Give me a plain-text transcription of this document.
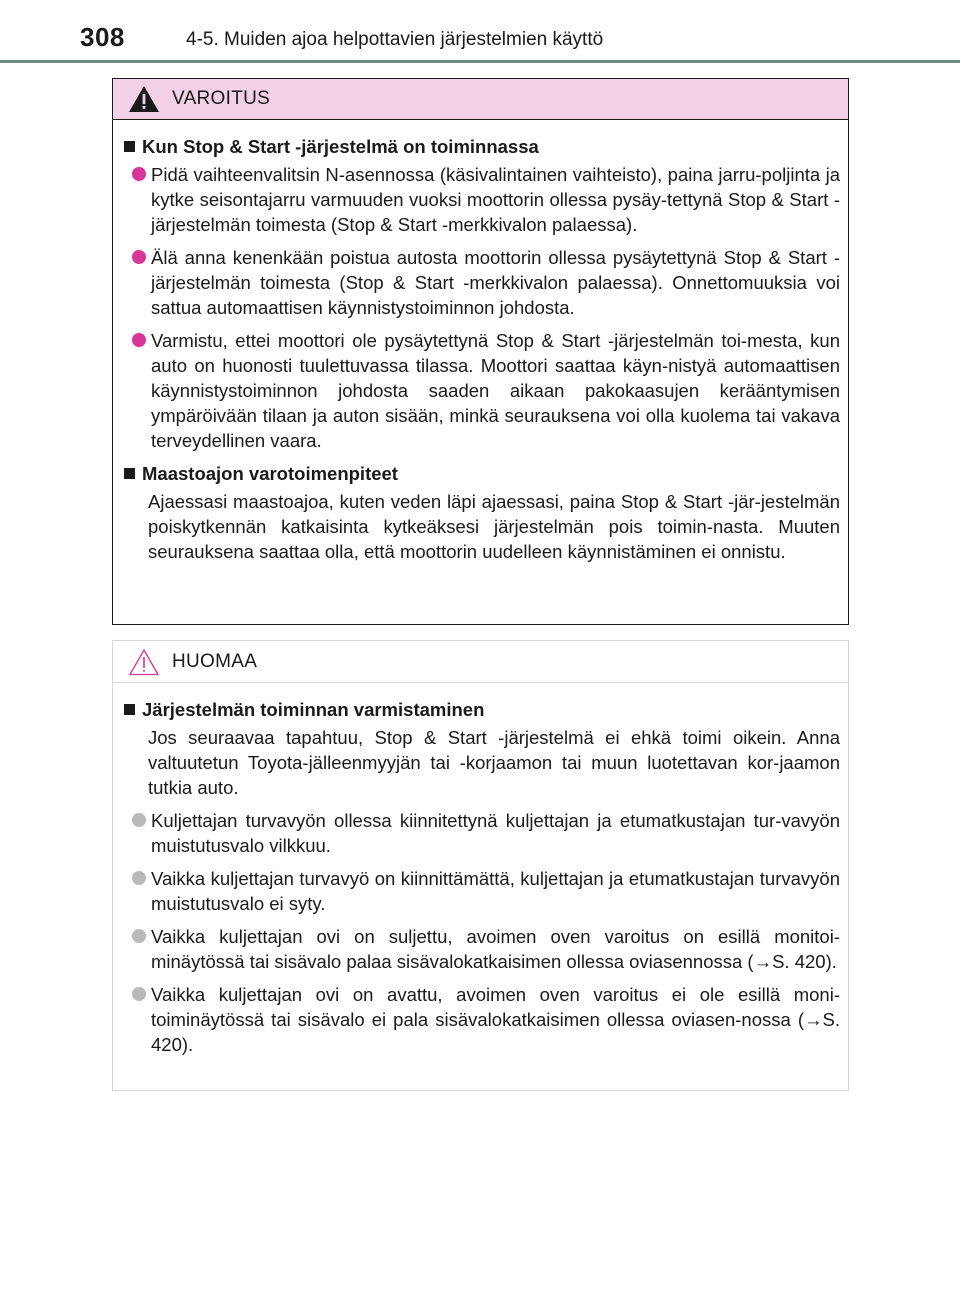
308	4-5. Muiden ajoa helpottavien järjestelmien käyttö
VAROITUS
Kun Stop & Start -järjestelmä on toiminnassa
Pidä vaihteenvalitsin N-asennossa (käsivalintainen vaihteisto), paina jarru-poljinta ja kytke seisontajarru varmuuden vuoksi moottorin ollessa pysäy-tettynä Stop & Start -järjestelmän toimesta (Stop & Start -merkkivalon palaessa).
Älä anna kenenkään poistua autosta moottorin ollessa pysäytettynä Stop & Start -järjestelmän toimesta (Stop & Start -merkkivalon palaessa). Onnettomuuksia voi sattua automaattisen käynnistystoiminnon johdosta.
Varmistu, ettei moottori ole pysäytettynä Stop & Start -järjestelmän toi-mesta, kun auto on huonosti tuulettuvassa tilassa. Moottori saattaa käyn-nistyä automaattisen käynnistystoiminnon johdosta saaden aikaan pakokaasujen kerääntymisen ympäröivään tilaan ja auton sisään, minkä seurauksena voi olla kuolema tai vakava terveydellinen vaara.
Maastoajon varotoimenpiteet
Ajaessasi maastoajoa, kuten veden läpi ajaessasi, paina Stop & Start -jär-jestelmän poiskytkennän katkaisinta kytkeäksesi järjestelmän pois toimin-nasta. Muuten seurauksena saattaa olla, että moottorin uudelleen käynnistäminen ei onnistu.
HUOMAA
Järjestelmän toiminnan varmistaminen
Jos seuraavaa tapahtuu, Stop & Start -järjestelmä ei ehkä toimi oikein. Anna valtuutetun Toyota-jälleenmyyjän tai -korjaamon tai muun luotettavan kor-jaamon tutkia auto.
Kuljettajan turvavyön ollessa kiinnitettynä kuljettajan ja etumatkustajan tur-vavyön muistutusvalo vilkkuu.
Vaikka kuljettajan turvavyö on kiinnittämättä, kuljettajan ja etumatkustajan turvavyön muistutusvalo ei syty.
Vaikka kuljettajan ovi on suljettu, avoimen oven varoitus on esillä monitoi-minäytössä tai sisävalo palaa sisävalokatkaisimen ollessa oviasennossa (→S. 420).
Vaikka kuljettajan ovi on avattu, avoimen oven varoitus ei ole esillä moni-toiminäytössä tai sisävalo ei pala sisävalokatkaisimen ollessa oviasen-nossa (→S. 420).
